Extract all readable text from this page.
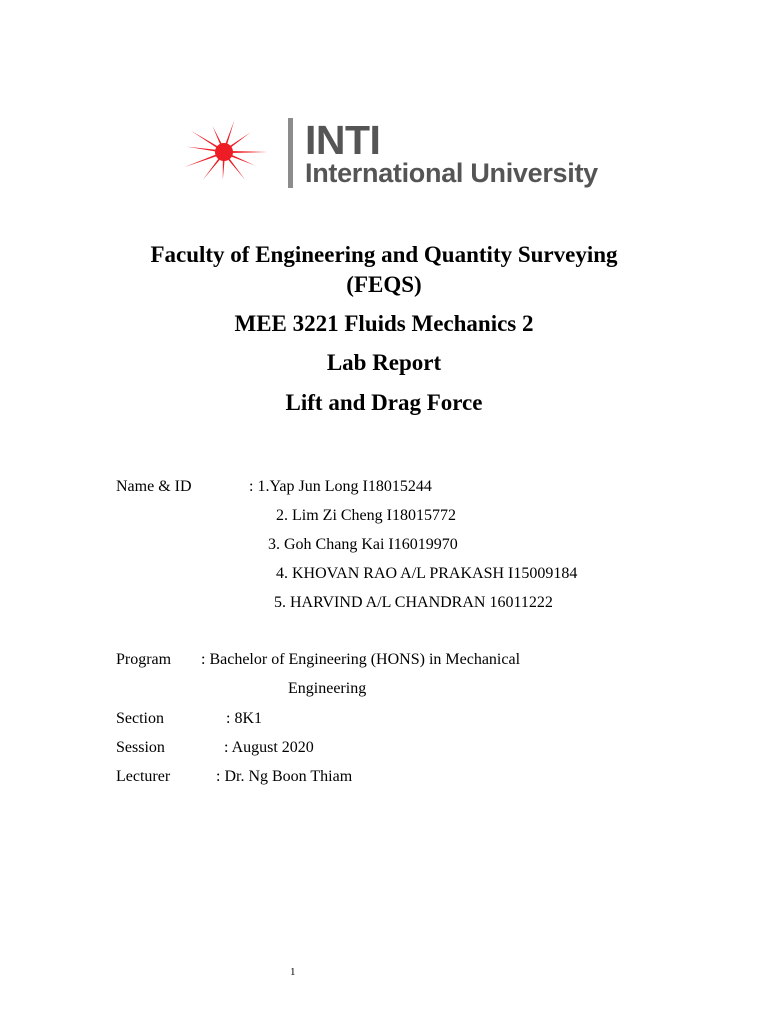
INTI
International University
Faculty of Engineering and Quantity Surveying
(FEQS)
MEE 3221 Fluids Mechanics 2
Lab Report
Lift and Drag Force
Name & ID	: 1.Yap Jun Long I18015244
2. Lim Zi Cheng I18015772
3. Goh Chang Kai I16019970
4. KHOVAN RAO A/L PRAKASH I15009184
5. HARVIND A/L CHANDRAN 16011222
Program : Bachelor of Engineering (HONS) in Mechanical
Engineering
Section	: 8K1
Session	: August 2020
Lecturer	: Dr. Ng Boon Thiam
1
